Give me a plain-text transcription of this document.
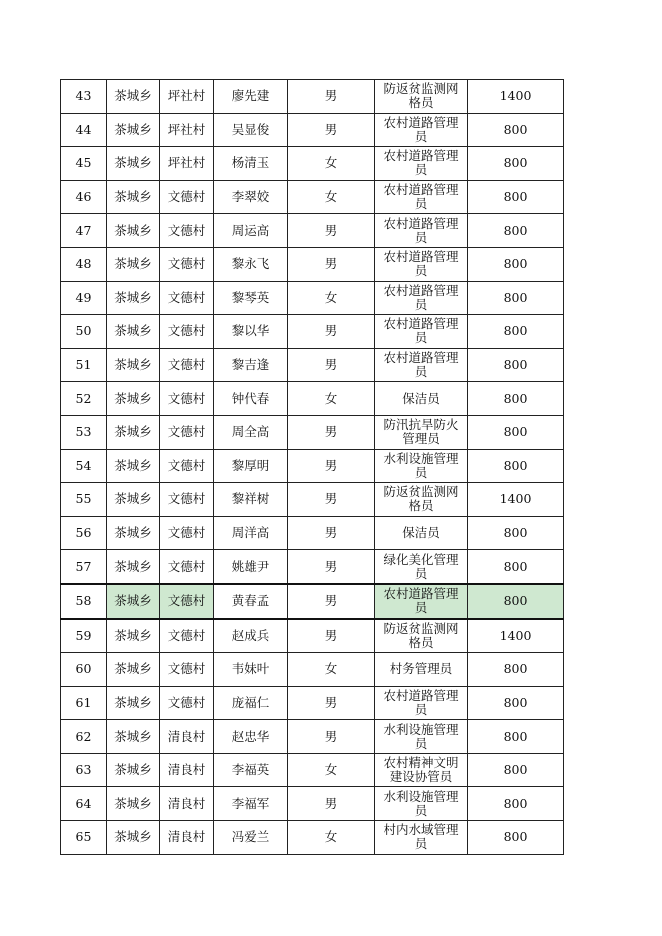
43	茶城乡	坪社村	廖先建	男	防返贫监测网格员	1400
44	茶城乡	坪社村	吴显俊	男	农村道路管理员	800
45	茶城乡	坪社村	杨清玉	女	农村道路管理员	800
46	茶城乡	文德村	李翠姣	女	农村道路管理员	800
47	茶城乡	文德村	周运高	男	农村道路管理员	800
48	茶城乡	文德村	黎永飞	男	农村道路管理员	800
49	茶城乡	文德村	黎琴英	女	农村道路管理员	800
50	茶城乡	文德村	黎以华	男	农村道路管理员	800
51	茶城乡	文德村	黎吉逢	男	农村道路管理员	800
52	茶城乡	文德村	钟代春	女	保洁员	800
53	茶城乡	文德村	周全高	男	防汛抗旱防火管理员	800
54	茶城乡	文德村	黎厚明	男	水利设施管理员	800
55	茶城乡	文德村	黎祥树	男	防返贫监测网格员	1400
56	茶城乡	文德村	周洋高	男	保洁员	800
57	茶城乡	文德村	姚雄尹	男	绿化美化管理员	800
58	茶城乡	文德村	黄春孟	男	农村道路管理员	800
59	茶城乡	文德村	赵成兵	男	防返贫监测网格员	1400
60	茶城乡	文德村	韦妹叶	女	村务管理员	800
61	茶城乡	文德村	庞福仁	男	农村道路管理员	800
62	茶城乡	清良村	赵忠华	男	水利设施管理员	800
63	茶城乡	清良村	李福英	女	农村精神文明建设协管员	800
64	茶城乡	清良村	李福军	男	水利设施管理员	800
65	茶城乡	清良村	冯爱兰	女	村内水域管理员	800
